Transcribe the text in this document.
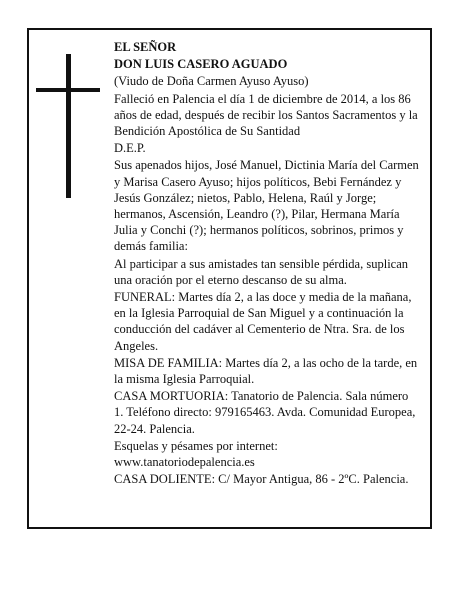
EL SEÑOR

DON LUIS CASERO AGUADO

(Viudo de Doña Carmen Ayuso Ayuso)

Falleció en Palencia el día 1 de diciembre de 2014, a los 86 años de edad, después de recibir los Santos Sacramentos y la Bendición Apostólica de Su Santidad

D.E.P.

Sus apenados hijos, José Manuel, Dictinia María del Carmen y Marisa Casero Ayuso; hijos políticos, Bebi Fernández y Jesús González; nietos, Pablo, Helena, Raúl y Jorge; hermanos, Ascensión, Leandro (?), Pilar, Hermana María Julia y Conchi (?); hermanos políticos, sobrinos, primos y demás familia:

Al participar a sus amistades tan sensible pérdida, suplican una oración por el eterno descanso de su alma.

FUNERAL: Martes día 2, a las doce y media de la mañana, en la Iglesia Parroquial de San Miguel y a continuación la conducción del cadáver al Cementerio de Ntra. Sra. de los Angeles.

MISA DE FAMILIA: Martes día 2, a las ocho de la tarde, en la misma Iglesia Parroquial.

CASA MORTUORIA: Tanatorio de Palencia. Sala número 1. Teléfono directo: 979165463. Avda. Comunidad Europea, 22-24. Palencia.

Esquelas y pésames por internet:

www.tanatoriodepalencia.es

CASA DOLIENTE: C/ Mayor Antigua, 86 - 2ºC. Palencia.
